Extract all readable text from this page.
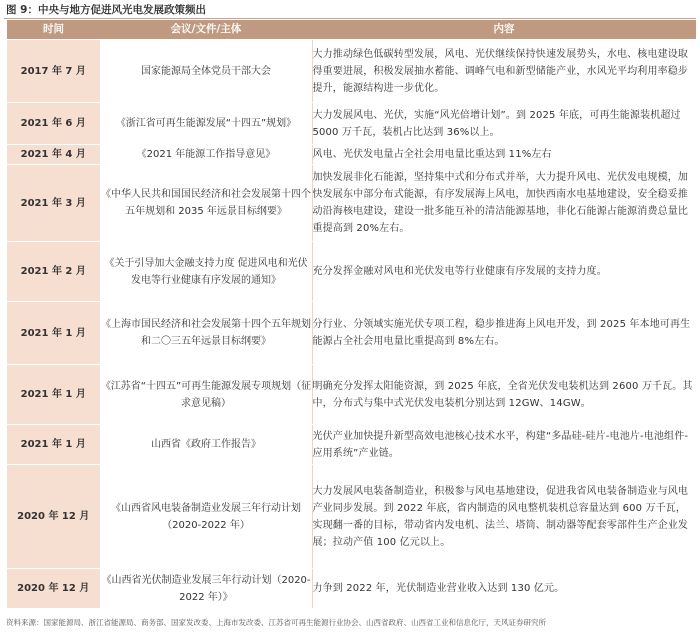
图 9：中央与地方促进风光电发展政策频出
时间	会议/文件/主体	内容
2017 年 7 月	国家能源局全体党员干部大会	大力推动绿色低碳转型发展，风电、光伏继续保持快速发展势头，水电、核电建设取得重要进展，积极发展抽水蓄能、调峰气电和新型储能产业，水风光平均利用率稳步提升，能源结构进一步优化。
2021 年 6 月	《浙江省可再生能源发展“十四五”规划》	大力发展风电、光伏，实施“风光倍增计划”。到 2025 年底，可再生能源装机超过 5000 万千瓦，装机占比达到 36%以上。
2021 年 4 月	《2021 年能源工作指导意见》	风电、光伏发电量占全社会用电量比重达到 11%左右
2021 年 3 月	《中华人民共和国国民经济和社会发展第十四个五年规划和 2035 年远景目标纲要》	加快发展非化石能源，坚持集中式和分布式并举，大力提升风电、光伏发电规模，加快发展东中部分布式能源，有序发展海上风电，加快西南水电基地建设，安全稳妥推动沿海核电建设，建设一批多能互补的清洁能源基地，非化石能源占能源消费总量比重提高到 20%左右。
2021 年 2 月	《关于引导加大金融支持力度 促进风电和光伏发电等行业健康有序发展的通知》	充分发挥金融对风电和光伏发电等行业健康有序发展的支持力度。
2021 年 1 月	《上海市国民经济和社会发展第十四个五年规划和二〇三五年远景目标纲要》	分行业、分领域实施光伏专项工程，稳步推进海上风电开发，到 2025 年本地可再生能源占全社会用电量比重提高到 8%左右。
2021 年 1 月	《江苏省“十四五”可再生能源发展专项规划（征求意见稿）	明确充分发挥太阳能资源，到 2025 年底，全省光伏发电装机达到 2600 万千瓦。其中，分布式与集中式光伏发电装机分别达到 12GW、14GW。
2021 年 1 月	山西省《政府工作报告》	光伏产业加快提升新型高效电池核心技术水平，构建“多晶硅-硅片-电池片-电池组件-应用系统”产业链。
2020 年 12 月	《山西省风电装备制造业发展三年行动计划（2020-2022 年）	大力发展风电装备制造业，积极参与风电基地建设，促进我省风电装备制造业与风电产业同步发展。到 2022 年底，省内制造的风电整机装机总容量达到 600 万千瓦，实现翻一番的目标，带动省内发电机、法兰、塔筒、制动器等配套零部件生产企业发展；拉动产值 100 亿元以上。
2020 年 12 月	《山西省光伏制造业发展三年行动计划（2020-2022 年）》	力争到 2022 年，光伏制造业营业收入达到 130 亿元。
资料来源：国家能源局、浙江省能源局、商务部、国家发改委、上海市发改委、江苏省可再生能源行业协会、山西省政府、山西省工业和信息化厅，天风证券研究所
